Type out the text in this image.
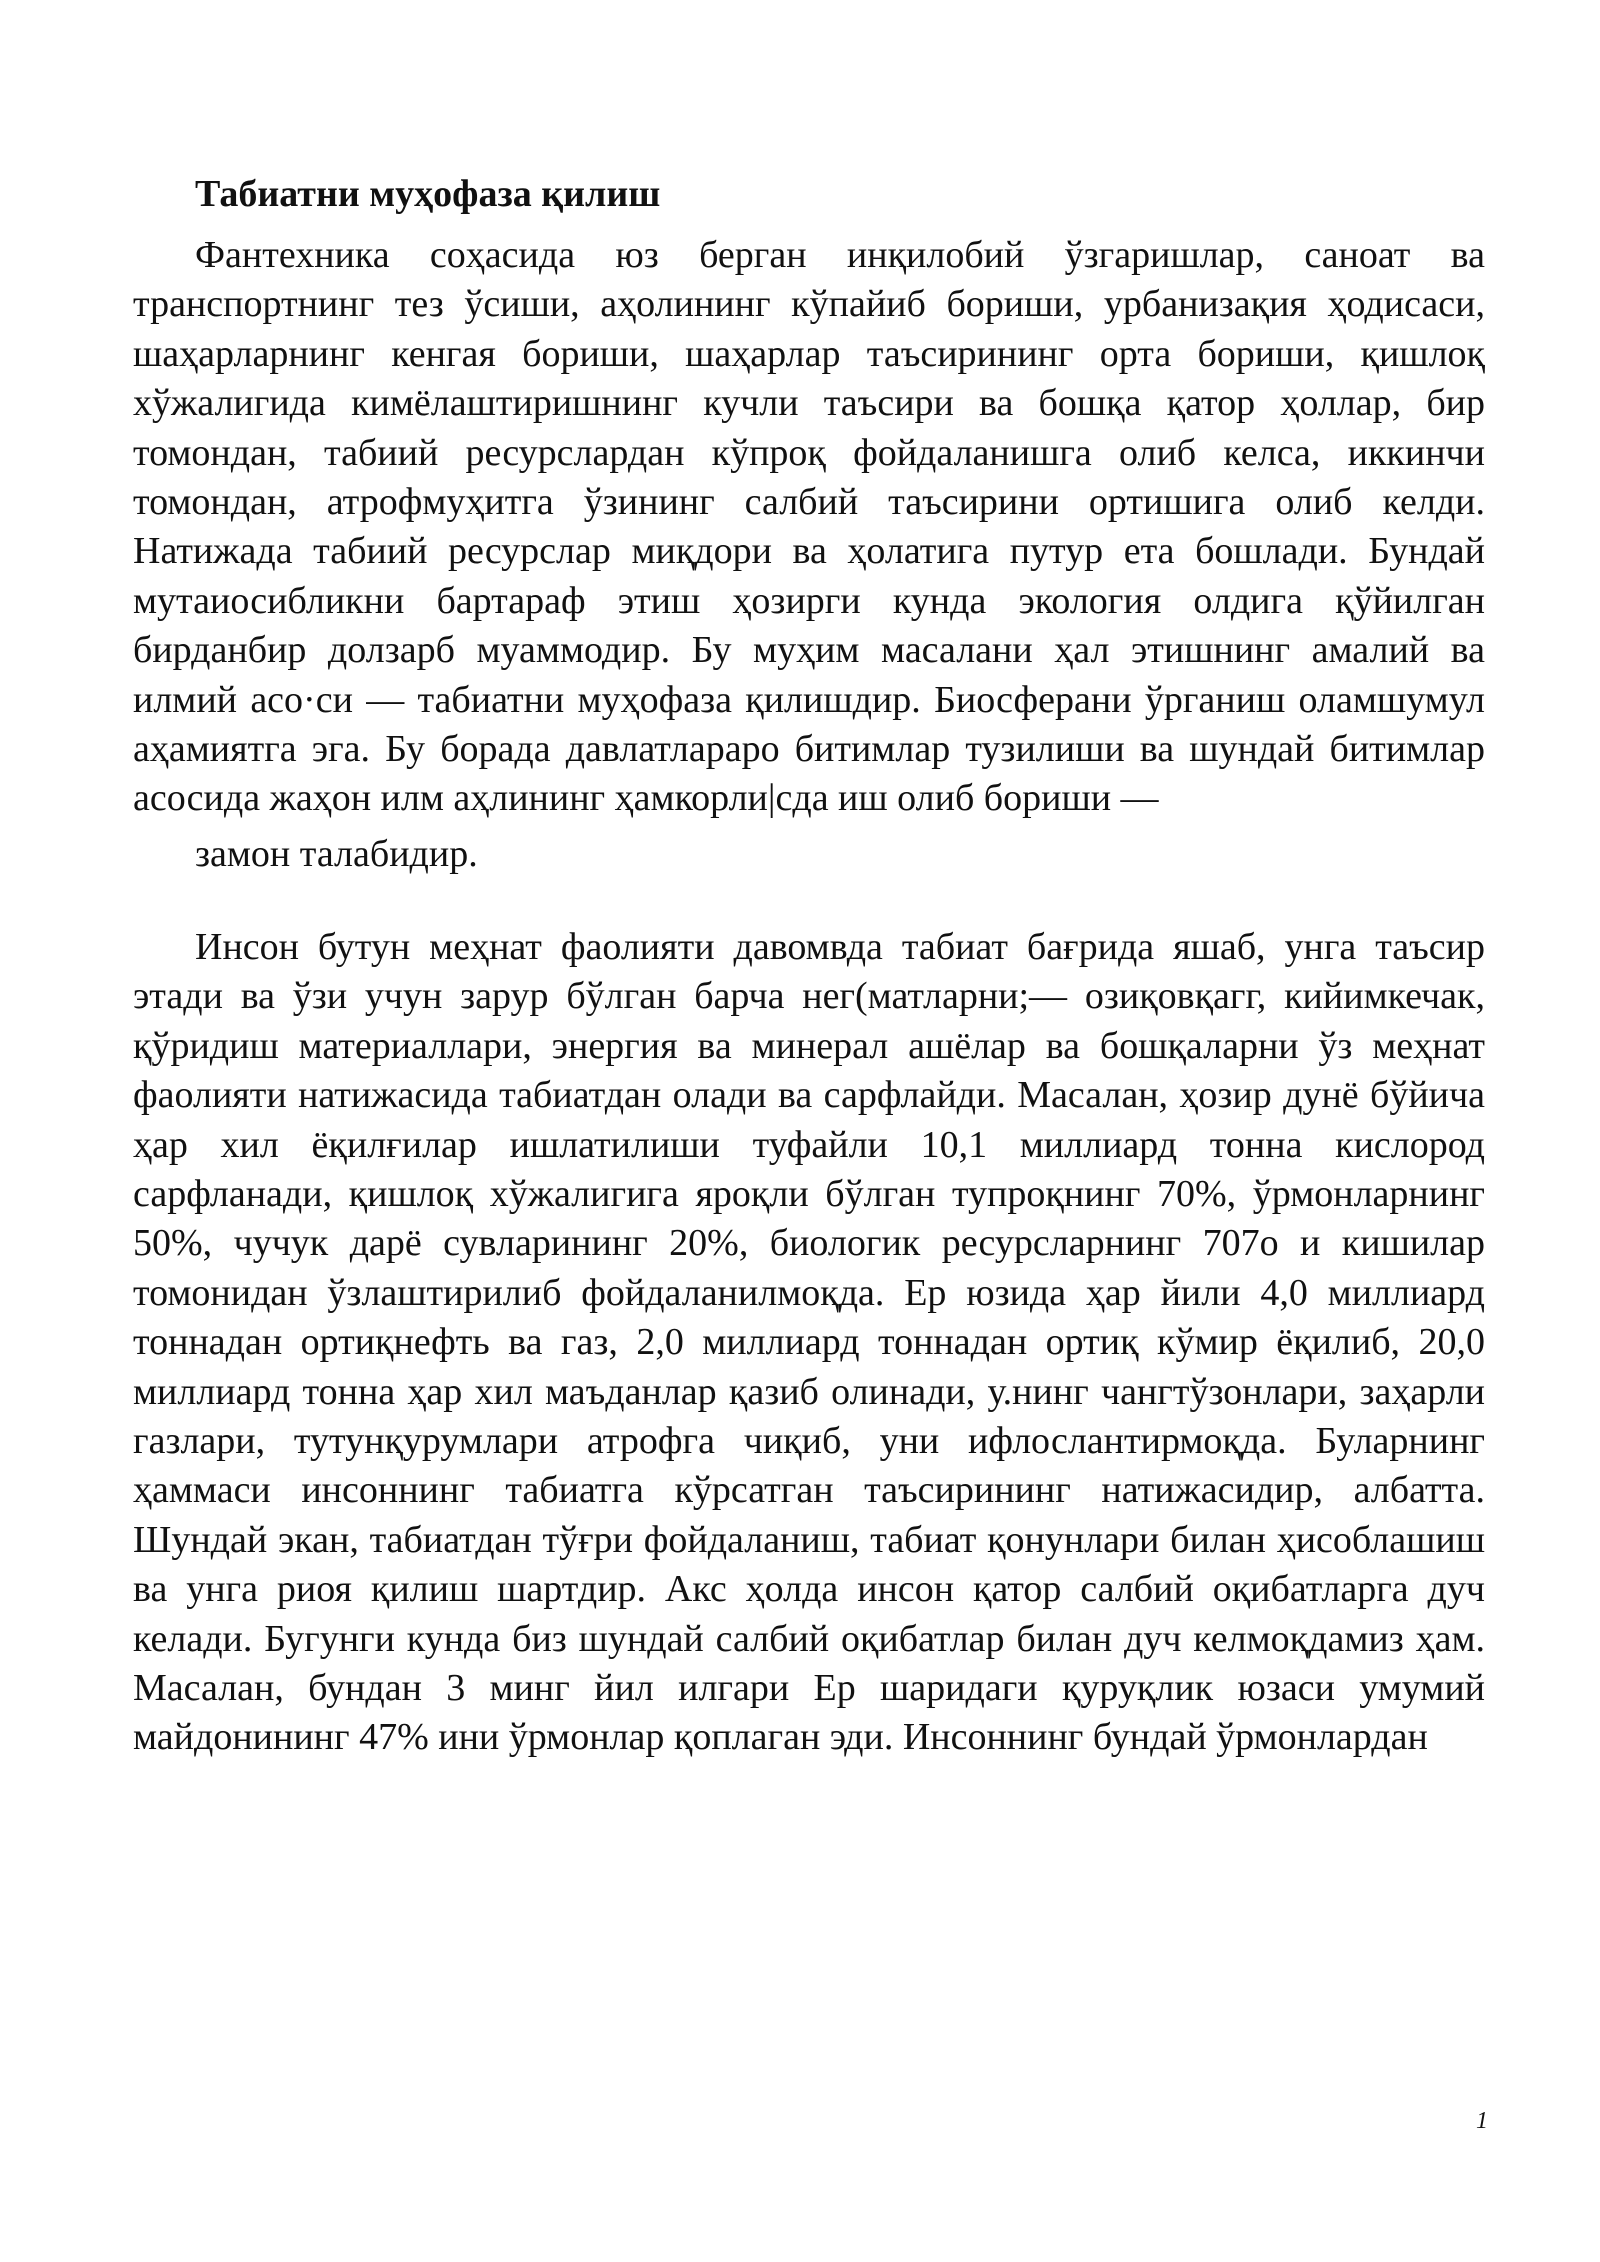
Табиатни муҳофаза қилиш

Фантехника соҳасида юз берган инқилобий ўзгаришлар, саноат ва транспортнинг тез ўсиши, аҳолининг кўпайиб бориши, урбанизақия ҳодисаси, шаҳарларнинг кенгая бориши, шаҳарлар таъсирининг орта бориши, қишлоқ хўжалигида кимёлаштиришнинг кучли таъсири ва бошқа қатор ҳоллар, бир томондан, табиий ресурслардан кўпроқ фойдаланишга олиб келса, иккинчи томондан, атрофмуҳитга ўзининг салбий таъсирини ортишига олиб келди. Натижада табиий ресурслар миқдори ва ҳолатига путур ета бошлади. Бундай мутаиосибликни бартараф этиш ҳозирги кунда экология олдига қўйилган бирданбир долзарб муаммодир. Бу муҳим масалани ҳал этишнинг амалий ва илмий асо·си — табиатни муҳофаза қилишдир. Биосферани ўрганиш оламшумул аҳамиятга эга. Бу борада давлатлараро битимлар тузилиши ва шундай битимлар асосида жаҳон илм аҳлининг ҳамкорли|сда иш олиб бориши —

замон талабидир.

Инсон бутун меҳнат фаолияти давомвда табиат бағрида яшаб, унга таъсир этади ва ўзи учун зарур бўлган барча нег(матларни;— озиқовқагг, кийимкечак, қўридиш материаллари, энергия ва минерал ашёлар ва бошқаларни ўз меҳнат фаолияти натижасида табиатдан олади ва сарфлайди. Масалан, ҳозир дунё бўйича ҳар хил ёқилғилар ишлатилиши туфайли 10,1 миллиард тонна кислород сарфланади, қишлоқ хўжалигига яроқли бўлган тупроқнинг 70%, ўрмонларнинг 50%, чучук дарё сувларининг 20%, биологик ресурсларнинг 707о и кишилар томонидан ўзлаштирилиб фойдаланилмоқда. Ер юзида ҳар йили 4,0 миллиард тоннадан ортиқнефть ва газ, 2,0 миллиард тоннадан ортиқ кўмир ёқилиб, 20,0 миллиард тонна ҳар хил маъданлар қазиб олинади, у.нинг чангтўзонлари, заҳарли газлари, тутунқурумлари атрофга чиқиб, уни ифлослантирмоқда. Буларнинг ҳаммаси инсоннинг табиатга кўрсатган таъсирининг натижасидир, албатта. Шундай экан, табиатдан тўғри фойдаланиш, табиат қонунлари билан ҳисоблашиш ва унга риоя қилиш шартдир. Акс ҳолда инсон қатор салбий оқибатларга дуч келади. Бугунги кунда биз шундай салбий оқибатлар билан дуч келмоқдамиз ҳам. Масалан, бундан 3 минг йил илгари Ер шаридаги қуруқлик юзаси умумий майдонининг 47% ини ўрмонлар қоплаган эди. Инсоннинг бундай ўрмонлардан

1
